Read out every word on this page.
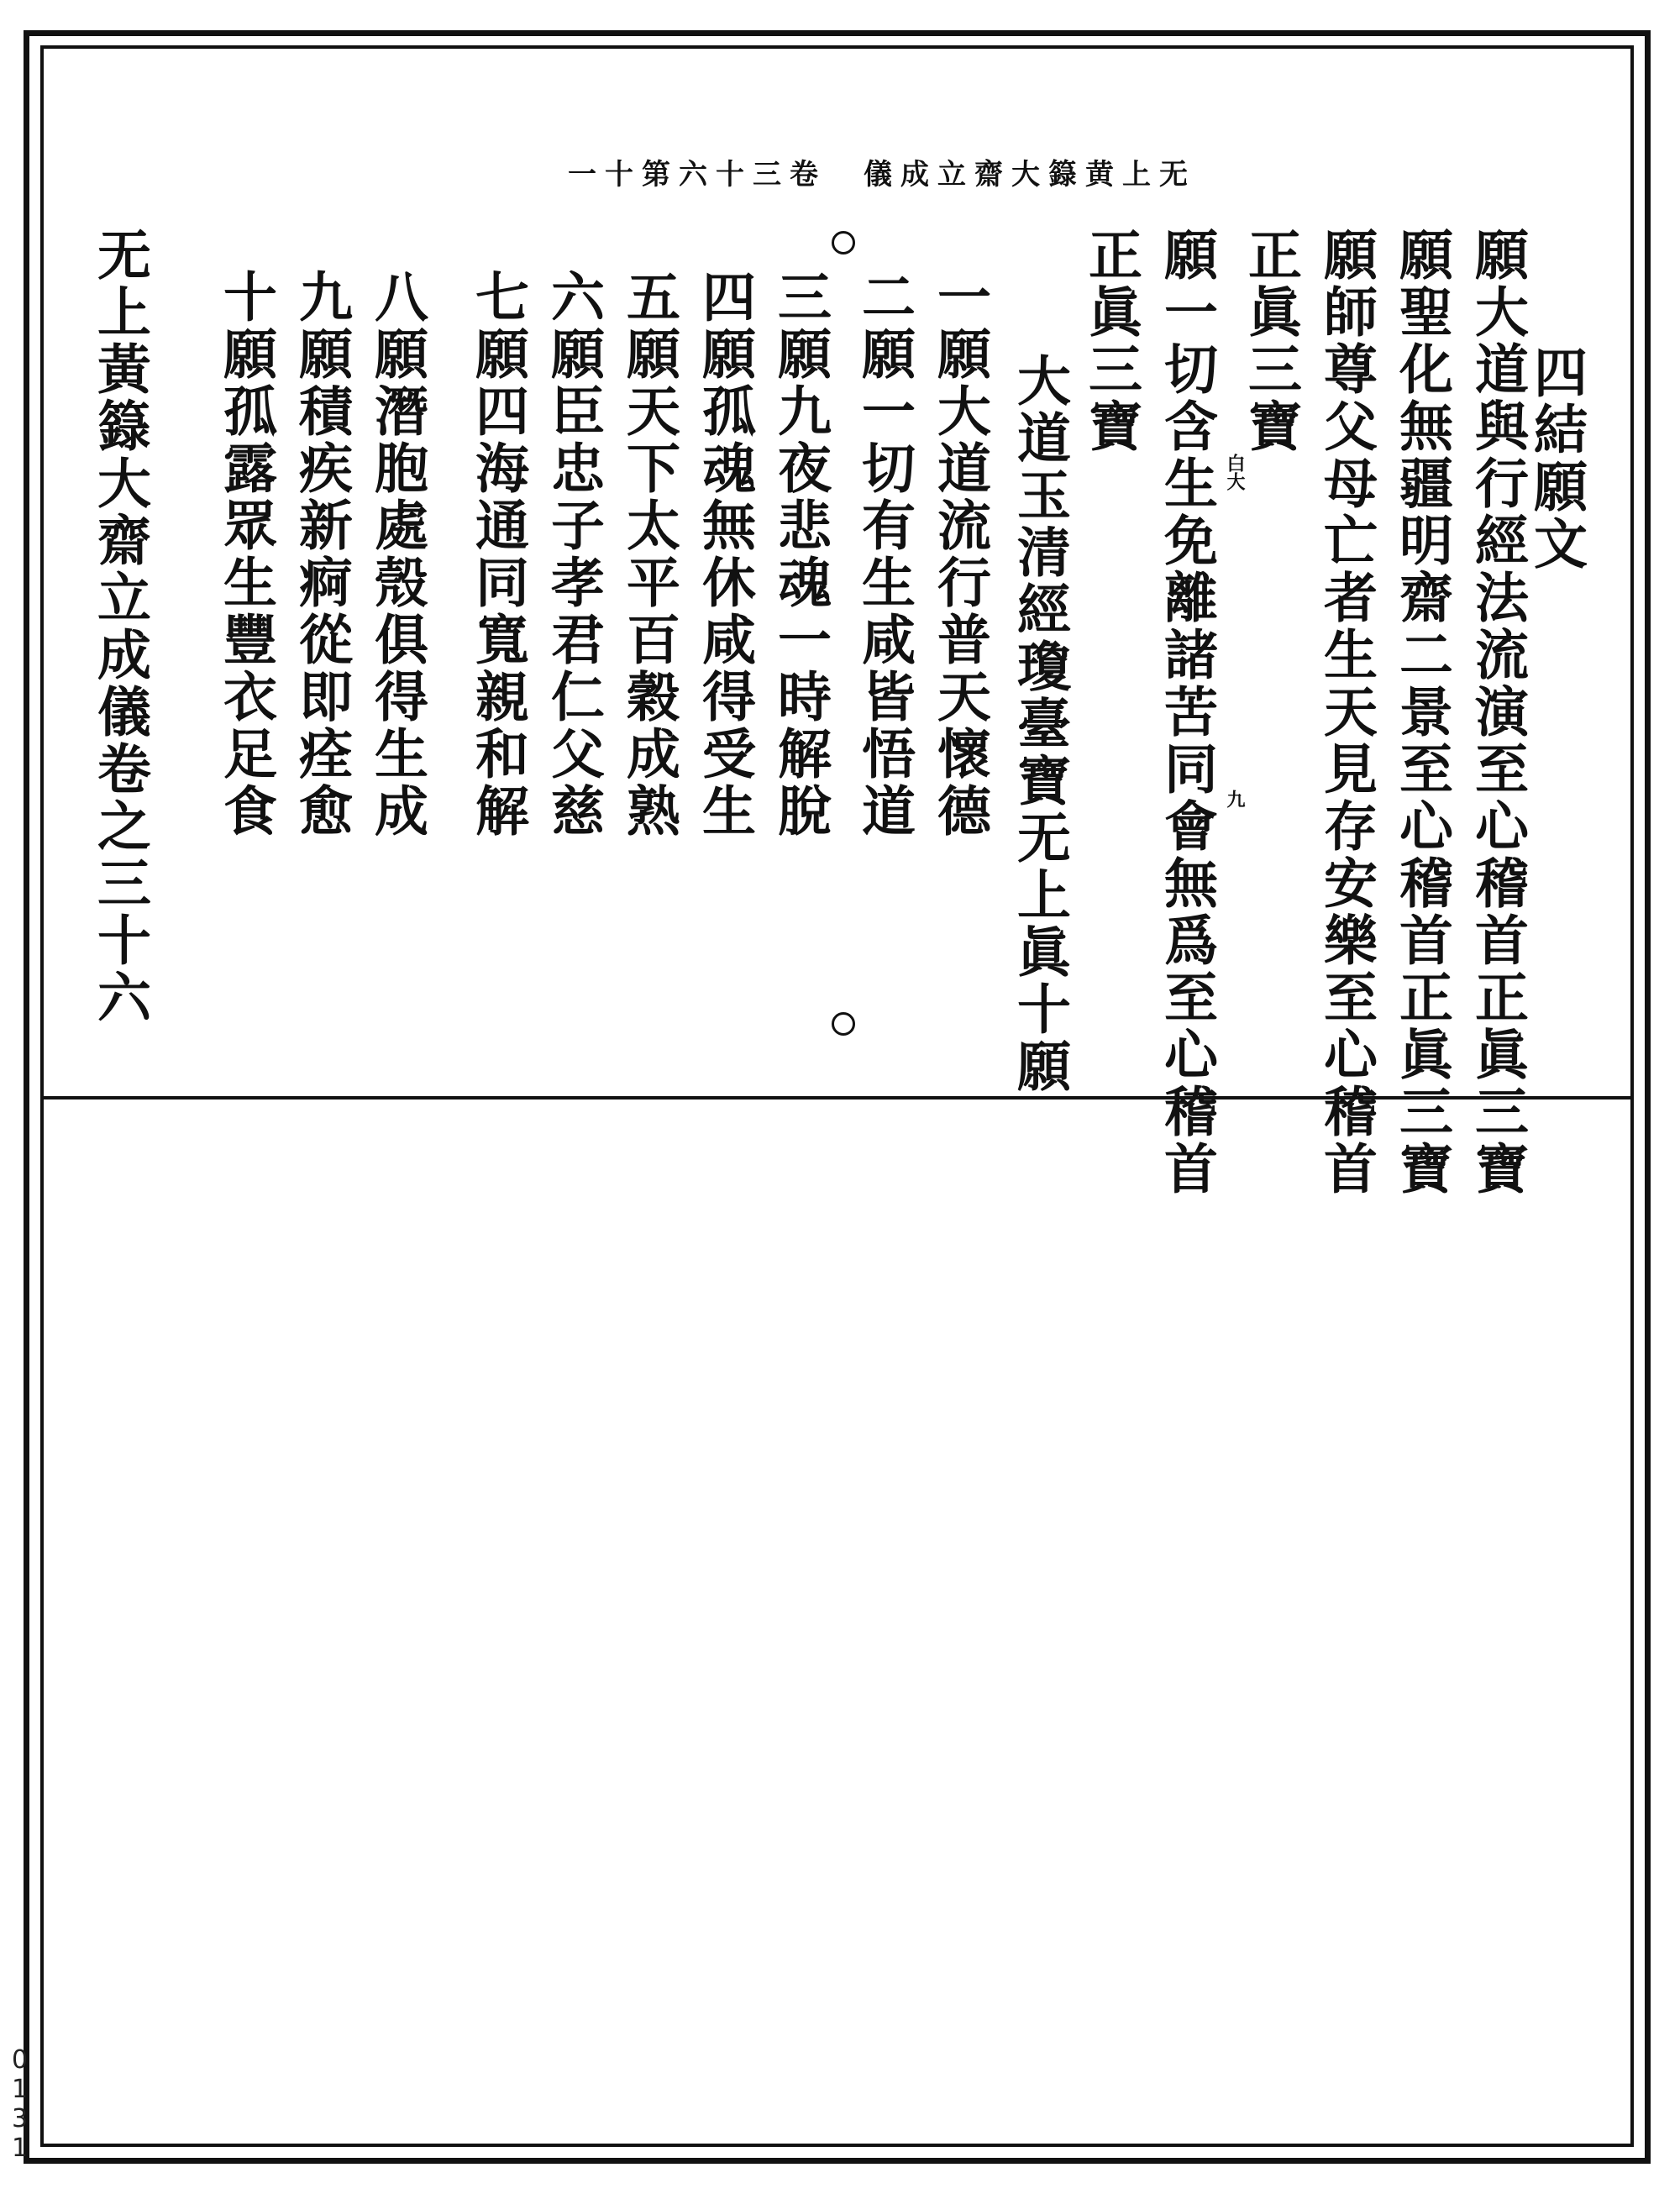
无上黄籙大齋立成儀　卷三十六第十一
四結願文
願大道與行經法流演至心稽首正眞三寶
願聖化無疆明齋二景至心稽首正眞三寶
願師尊父母亡者生天見存安樂至心稽首
正眞三寶
願一切含生免離諸苦同會無爲至心稽首
正眞三寶
大道玉清經瓊臺寶无上眞十願
一願大道流行普天懷德
二願一切有生咸皆悟道
三願九夜悲魂一時解脫
四願孤魂無休咸得受生
五願天下太平百穀成熟
六願臣忠子孝君仁父慈
七願四海通同寬親和解
八願潛胞處殼俱得生成
九願積疾新痾從即痊愈
十願孤露眾生豐衣足食
无上黃籙大齋立成儀卷之三十六	白大
九
0131
